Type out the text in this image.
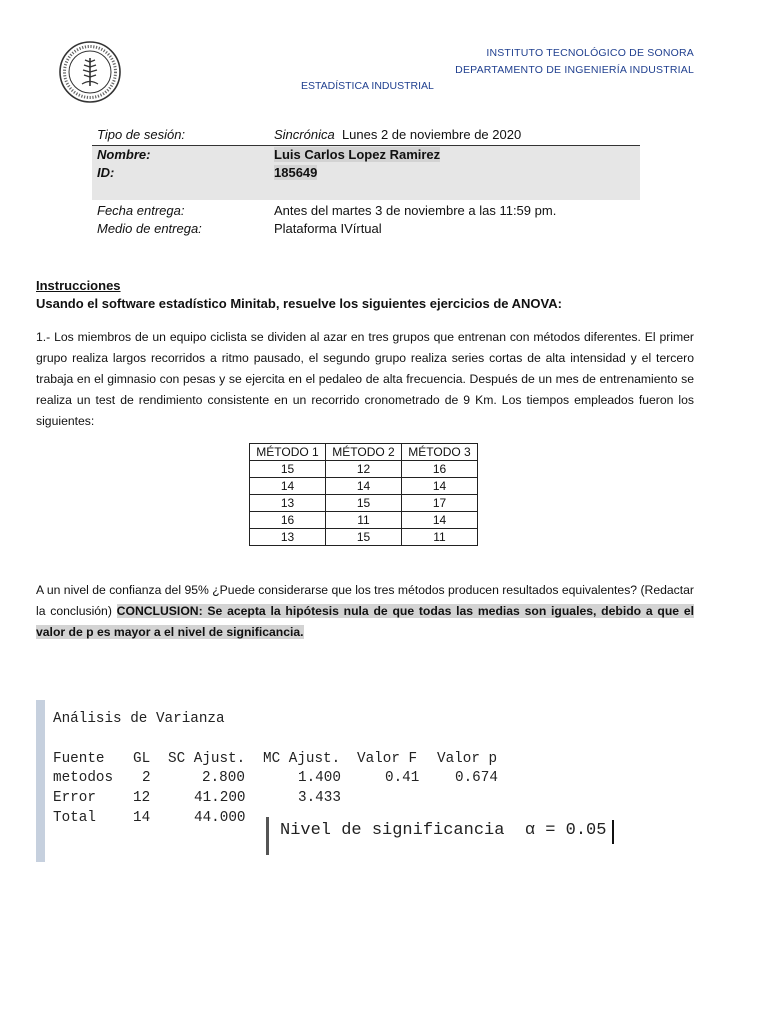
INSTITUTO TECNOLÓGICO DE SONORA
DEPARTAMENTO DE INGENIERÍA INDUSTRIAL
ESTADÍSTICA INDUSTRIAL
Tipo de sesión:	Sincrónica Lunes 2 de noviembre de 2020
Nombre:	Luis Carlos Lopez Ramirez
ID:	185649
Fecha entrega:	Antes del martes 3 de noviembre a las 11:59 pm.
Medio de entrega:	Plataforma IVírtual
Instrucciones
Usando el software estadístico Minitab, resuelve los siguientes ejercicios de ANOVA:
1.- Los miembros de un equipo ciclista se dividen al azar en tres grupos que entrenan con métodos diferentes. El primer grupo realiza largos recorridos a ritmo pausado, el segundo grupo realiza series cortas de alta intensidad y el tercero trabaja en el gimnasio con pesas y se ejercita en el pedaleo de alta frecuencia. Después de un mes de entrenamiento se realiza un test de rendimiento consistente en un recorrido cronometrado de 9 Km. Los tiempos empleados fueron los siguientes:
MÉTODO 1	MÉTODO 2	MÉTODO 3
15	12	16
14	14	14
13	15	17
16	11	14
13	15	11
A un nivel de confianza del 95% ¿Puede considerarse que los tres métodos producen resultados equivalentes? (Redactar la conclusión) CONCLUSION: Se acepta la hipótesis nula de que todas las medias son iguales, debido a que el valor de p es mayor a el nivel de significancia.
Análisis de Varianza
Fuente GL SC Ajust. MC Ajust. Valor F Valor p
metodos 2	2.800	1.400	0.41 0.674
Error	12	41.200	3.433
Total	14	44.000
Nivel de significancia  α = 0.05
